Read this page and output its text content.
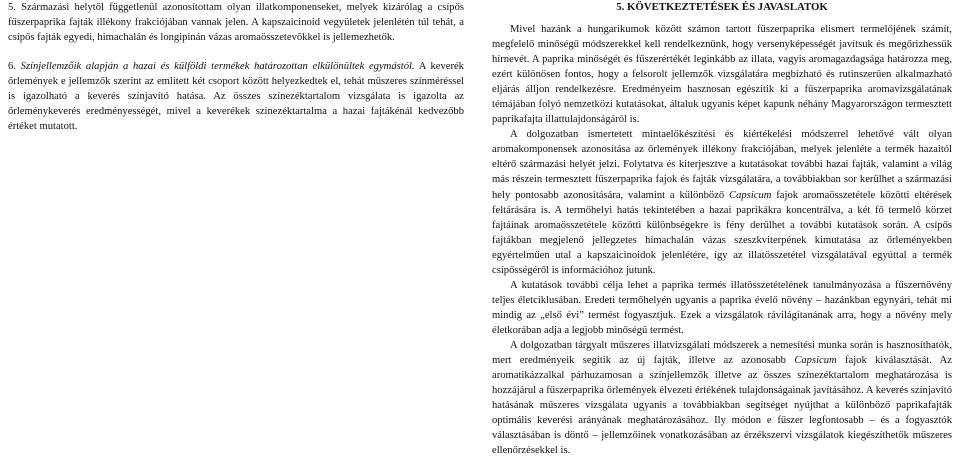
5. Származási helytől függetlenül azonosítottam olyan illatkomponenseket, melyek kizárólag a csípős fűszerpaprika fajták illékony frakciójában vannak jelen. A kapszaicinoid vegyületek jelenlétén túl tehát, a csípős fajták egyedi, himachalán és longipinán vázas aromaösszetevőkkel is jellemezhetők.

6. Színjellemzőik alapján a hazai és külföldi termékek határozottan elkülönültek egymástól. A keverék őrlemények e jellemzők szerint az említett két csoport között helyezkedtek el, tehát műszeres színméréssel is igazolható a keverés színjavító hatása. Az összes színezéktartalom vizsgálata is igazolta az őrleménykeverés eredményességét, mivel a keverékek színezéktartalma a hazai fajtákénál kedvezőbb értéket mutatott.

5. KÖVETKEZTETÉSEK ÉS JAVASLATOK

Mivel hazánk a hungarikumok között számon tartott fűszerpaprika elismert termelőjének számít, megfelelő minőségű módszerekkel kell rendelkeznünk, hogy versenyképességét javítsuk és megőrizhessük hírnevét. A paprika minőségét és fűszerértékét leginkább az illata, vagyis aromagazdagsága határozza meg, ezért különösen fontos, hogy a felsorolt jellemzők vizsgálatára megbízható és rutinszerűen alkalmazható eljárás álljon rendelkezésre. Eredményeim hasznosan egészítik ki a fűszerpaprika aromavizsgálatának témájában folyó nemzetközi kutatásokat, általuk ugyanis képet kapunk néhány Magyarországon termesztett paprikafajta illattulajdonságáról is.

A dolgozatban ismertetett mintaelőkészítési és kiértékelési módszerrel lehetővé vált olyan aromakomponensek azonosítása az őrlemények illékony frakciójában, melyek jelenléte a termék hazaitól eltérő származási helyét jelzi. Folytatva és kiterjesztve a kutatásokat további hazai fajták, valamint a világ más részein termesztett fűszerpaprika fajok és fajták vizsgálatára, a továbbiakban sor kerülhet a származási hely pontosabb azonosítására, valamint a különböző Capsicum fajok aromaösszetétele közötti eltérések feltárására is. A termőhelyi hatás tekintetében a hazai paprikákra koncentrálva, a két fő termelő körzet fajtáinak aromaösszetétele közötti különbségekre is fény derülhet a további kutatások során. A csípős fajtákban megjelenő jellegzetes himachalán vázas szeszkviterpének kimutatása az őrleményekben egyértelműen utal a kapszaicinoidok jelenlétére, így az illatösszetétel vizsgálatával egyúttal a termék csípősségéről is információhoz jutunk.

A kutatások további célja lehet a paprika termés illatösszetételének tanulmányozása a fűszernövény teljes életciklusában. Eredeti termőhelyén ugyanis a paprika évelő növény – hazánkban egynyári, tehát mi mindig az „első évi” termést fogyasztjuk. Ezek a vizsgálatok rávilágítanának arra, hogy a növény mely életkorában adja a legjobb minőségű termést.

A dolgozatban tárgyalt műszeres illatvizsgálati módszerek a nemesítési munka során is hasznosíthatók, mert eredményeik segítik az új fajták, illetve az azonosabb Capsicum fajok kiválasztását. Az aromatikázzalkal párhuzamosan a színjellemzők illetve az összes színezéktartalom meghatározása is hozzájárul a fűszerpaprika őrlemények élvezeti értékének tulajdonságainak javításához. A keverés színjavító hatásának műszeres vizsgálata ugyanis a továbbiakban segítséget nyújthat a különböző paprikafajták optimális keverési arányának meghatározásához. Ily módon e fűszer legfontosabb – és a fogyasztók választásában is döntő – jellemzőinek vonatkozásában az érzékszervi vizsgálatok kiegészíthetők műszeres ellenőrzésekkel is.
